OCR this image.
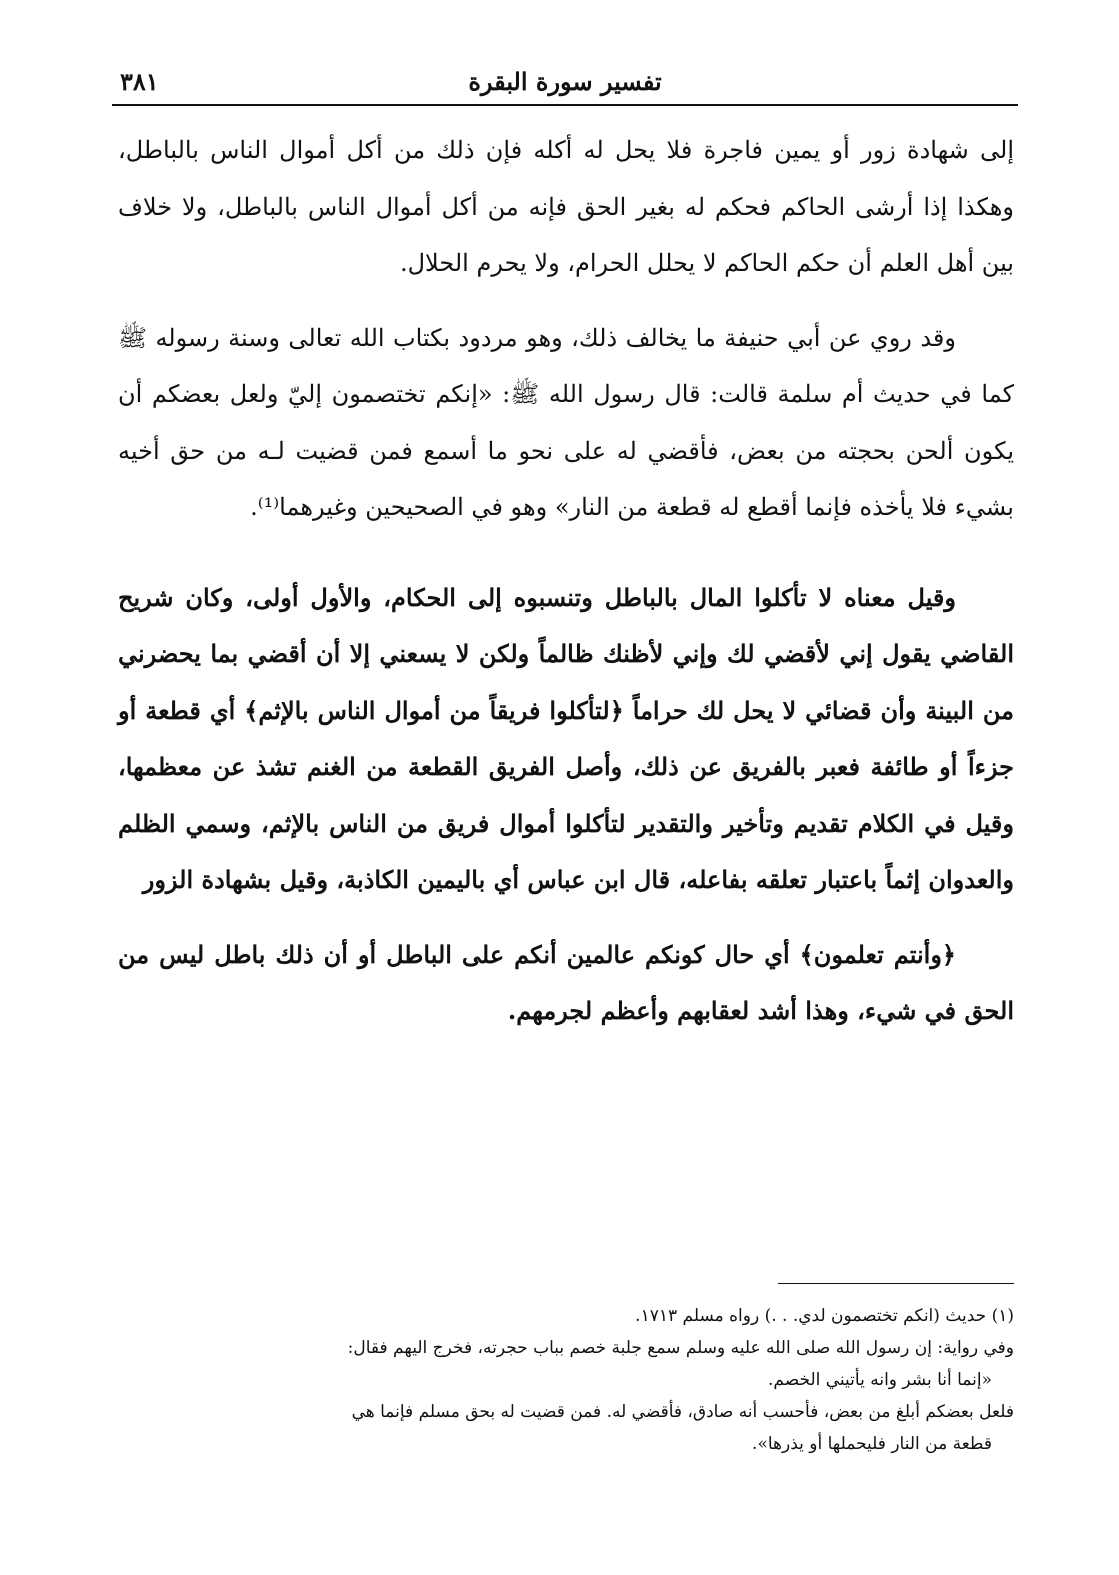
تفسير سورة البقرة
٣٨١

إلى شهادة زور أو يمين فاجرة فلا يحل له أكله فإن ذلك من أكل أموال الناس بالباطل، وهكذا إذا أرشى الحاكم فحكم له بغير الحق فإنه من أكل أموال الناس بالباطل، ولا خلاف بين أهل العلم أن حكم الحاكم لا يحلل الحرام، ولا يحرم الحلال.

وقد روي عن أبي حنيفة ما يخالف ذلك، وهو مردود بكتاب الله تعالى وسنة رسوله ﷺ كما في حديث أم سلمة قالت: قال رسول الله ﷺ: «إنكم تختصمون إليّ ولعل بعضكم أن يكون ألحن بحجته من بعض، فأقضي له على نحو ما أسمع فمن قضيت لـه من حق أخيه بشيء فلا يأخذه فإنما أقطع له قطعة من النار» وهو في الصحيحين وغيرهما⁽¹⁾.

وقيل معناه لا تأكلوا المال بالباطل وتنسبوه إلى الحكام، والأول أولى، وكان شريح القاضي يقول إني لأقضي لك وإني لأظنك ظالماً ولكن لا يسعني إلا أن أقضي بما يحضرني من البينة وأن قضائي لا يحل لك حراماً ﴿لتأكلوا فريقاً من أموال الناس بالإثم﴾ أي قطعة أو جزءاً أو طائفة فعبر بالفريق عن ذلك، وأصل الفريق القطعة من الغنم تشذ عن معظمها، وقيل في الكلام تقديم وتأخير والتقدير لتأكلوا أموال فريق من الناس بالإثم، وسمي الظلم والعدوان إثماً باعتبار تعلقه بفاعله، قال ابن عباس أي باليمين الكاذبة، وقيل بشهادة الزور

﴿وأنتم تعلمون﴾ أي حال كونكم عالمين أنكم على الباطل أو أن ذلك باطل ليس من الحق في شيء، وهذا أشد لعقابهم وأعظم لجرمهم.

(١) حديث (انكم تختصمون لدي. . .) رواه مسلم ١٧١٣.

وفي رواية: إن رسول الله صلى الله عليه وسلم سمع جلبة خصم بباب حجرته، فخرج اليهم فقال:

«إنما أنا بشر وانه يأتيني الخصم.

فلعل بعضكم أبلغ من بعض، فأحسب أنه صادق، فأقضي له. فمن قضيت له بحق مسلم فإنما هي

قطعة من النار فليحملها أو يذرها».
